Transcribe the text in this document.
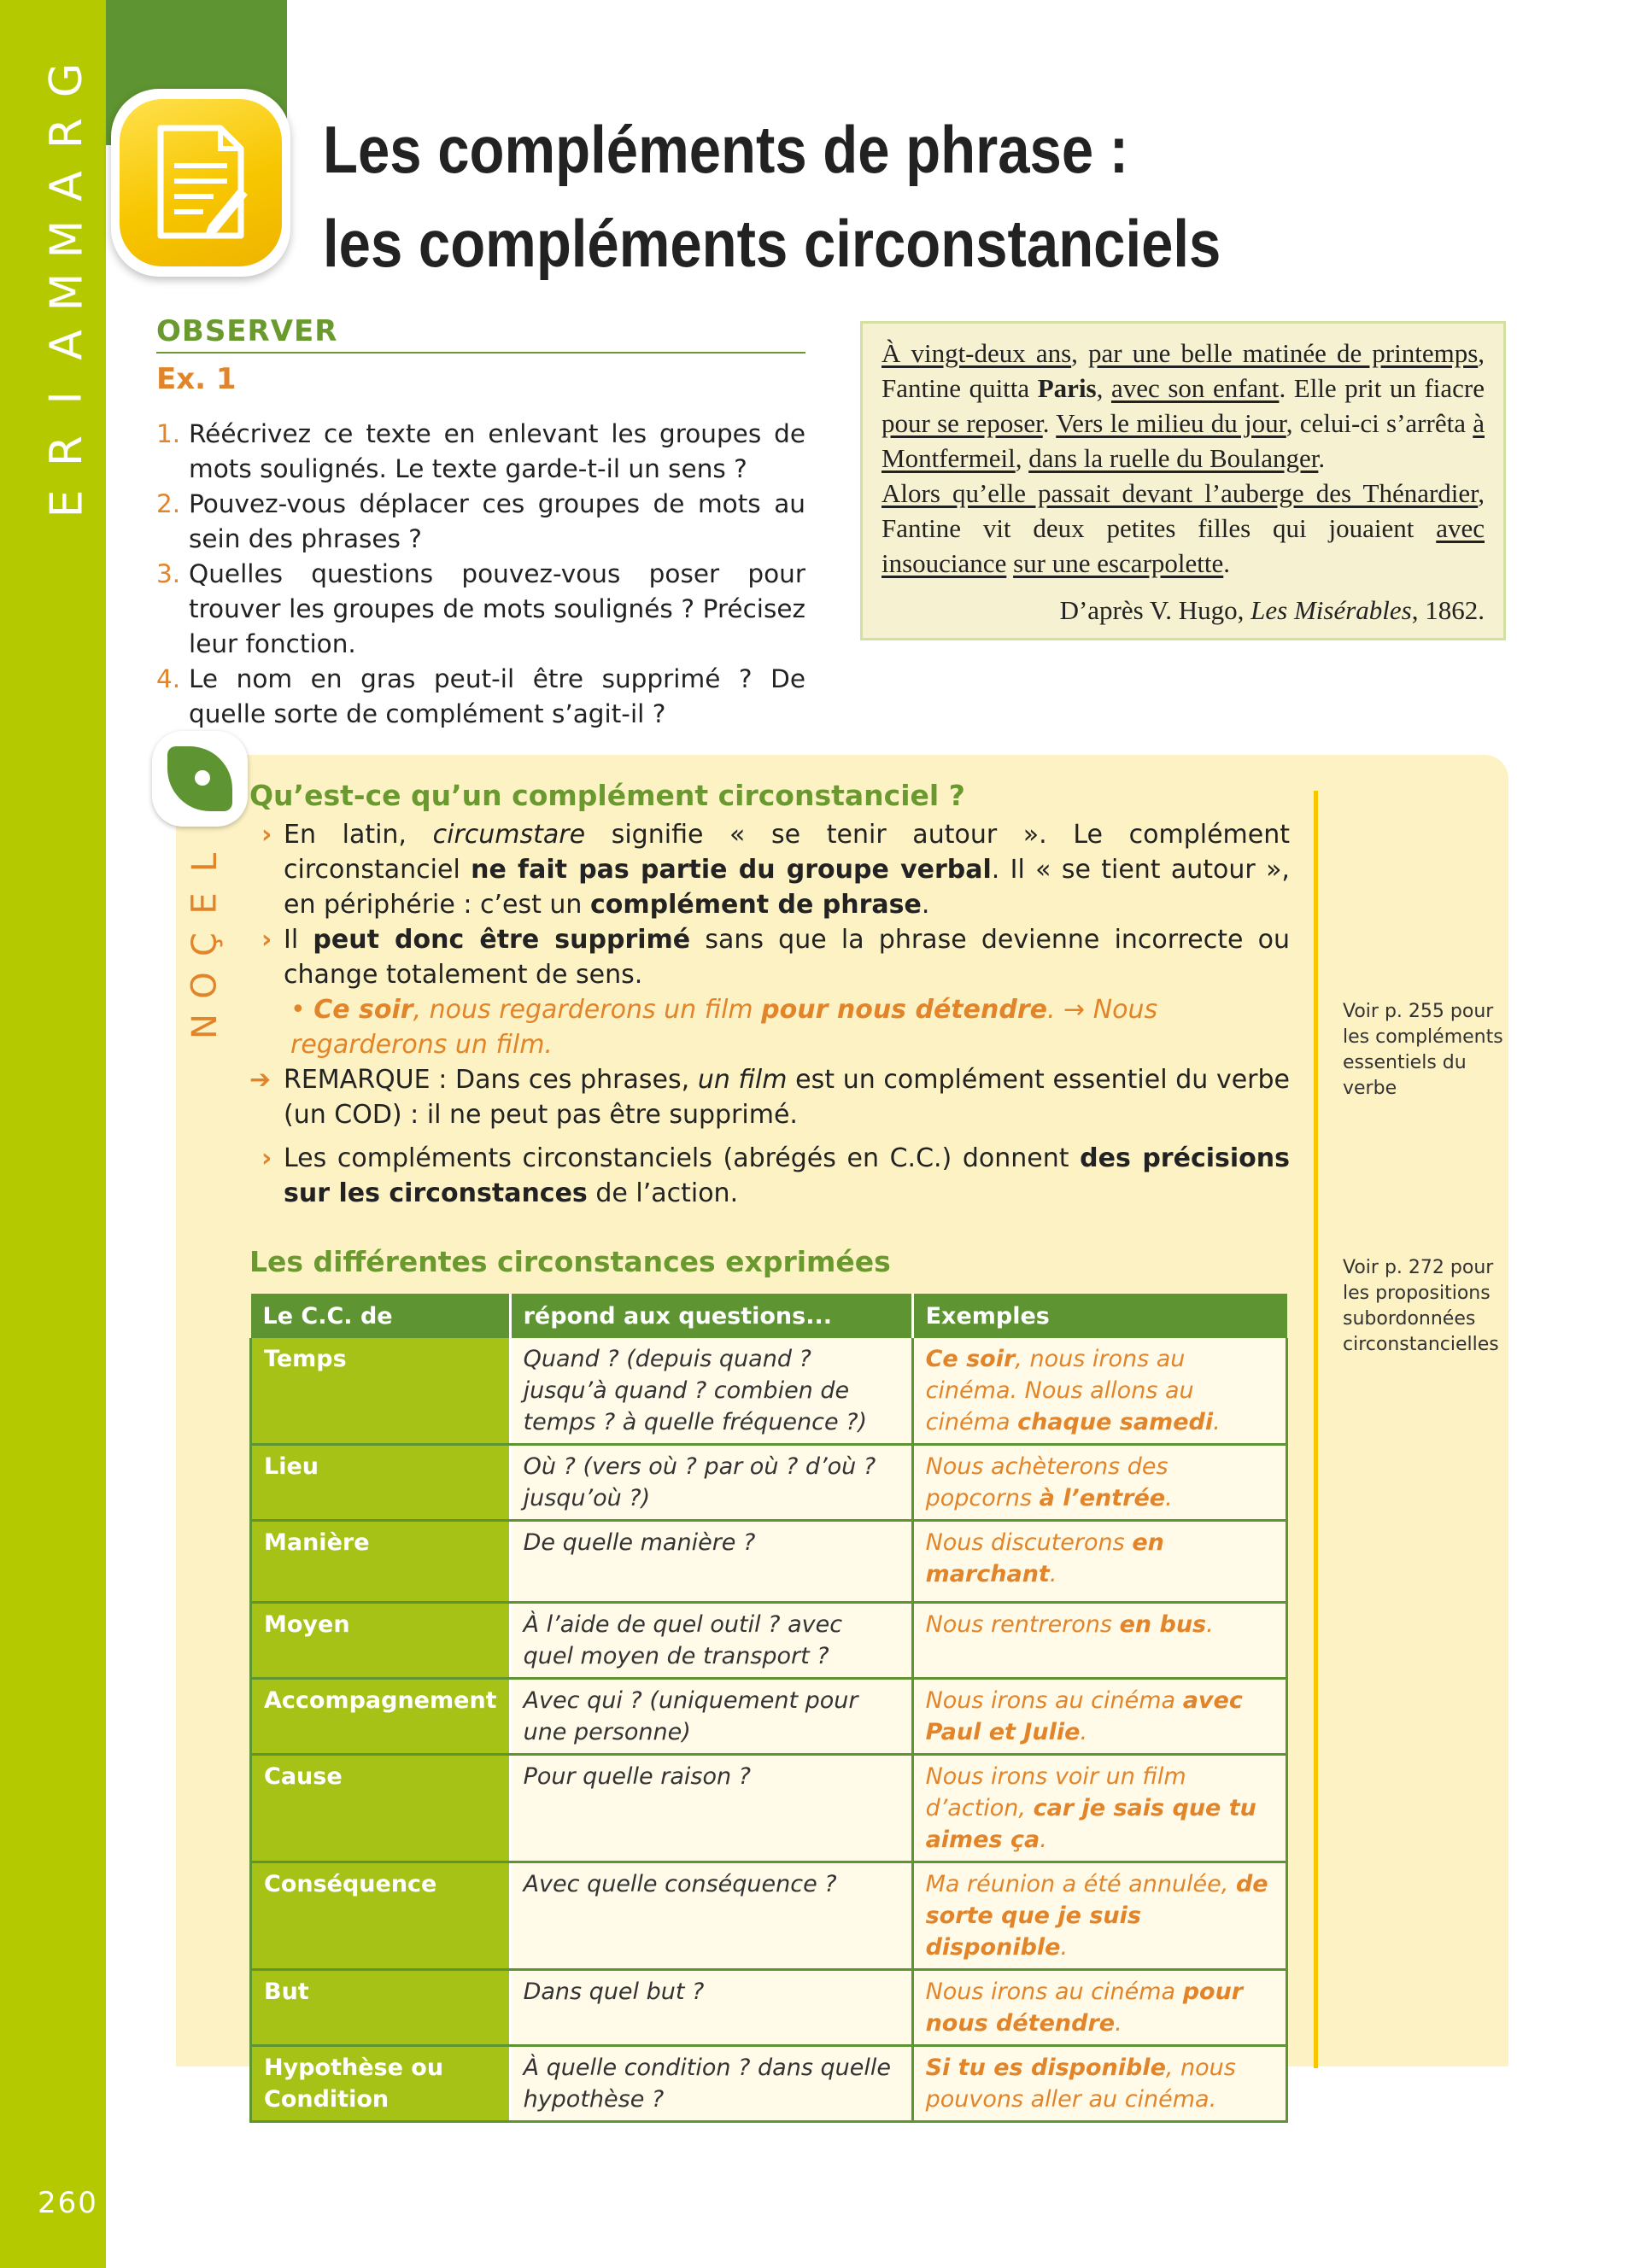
G
R
A
M
M
A
I
R
E
260
Les compléments de phrase :
les compléments circonstanciels
OBSERVER
Ex. 1
1. Réécrivez ce texte en enlevant les groupes de mots soulignés. Le texte garde-t-il un sens ?
2. Pouvez-vous déplacer ces groupes de mots au sein des phrases ?
3. Quelles questions pouvez-vous poser pour trouver les groupes de mots soulignés ? Précisez leur fonction.
4. Le nom en gras peut-il être supprimé ? De quelle sorte de complément s’agit-il ?
À vingt-deux ans, par une belle matinée de printemps, Fantine quitta Paris, avec son enfant. Elle prit un fiacre pour se reposer. Vers le milieu du jour, celui-ci s’arrêta à Montfermeil, dans la ruelle du Boulanger.
Alors qu’elle passait devant l’auberge des Thénardier, Fantine vit deux petites filles qui jouaient avec insouciance sur une escarpolette.
D’après V. Hugo, Les Misérables, 1862.
L
E
Ç
O
N
Qu’est-ce qu’un complément circonstanciel ?
› En latin, circumstare signifie « se tenir autour ». Le complément circonstanciel ne fait pas partie du groupe verbal. Il « se tient autour », en périphérie : c’est un complément de phrase.
› Il peut donc être supprimé sans que la phrase devienne incorrecte ou change totalement de sens.
• Ce soir, nous regarderons un film pour nous détendre. → Nous regarderons un film.
➔ REMARQUE : Dans ces phrases, un film est un complément essentiel du verbe (un COD) : il ne peut pas être supprimé.
› Les compléments circonstanciels (abrégés en C.C.) donnent des précisions sur les circonstances de l’action.
Les différentes circonstances exprimées
Le C.C. de	répond aux questions...	Exemples
Temps	Quand ? (depuis quand ? jusqu’à quand ? combien de temps ? à quelle fréquence ?)	Ce soir, nous irons au cinéma. Nous allons au cinéma chaque samedi.
Lieu	Où ? (vers où ? par où ? d’où ? jusqu’où ?)	Nous achèterons des popcorns à l’entrée.
Manière	De quelle manière ?	Nous discuterons en marchant.
Moyen	À l’aide de quel outil ? avec quel moyen de transport ?	Nous rentrerons en bus.
Accompagnement	Avec qui ? (uniquement pour une personne)	Nous irons au cinéma avec Paul et Julie.
Cause	Pour quelle raison ?	Nous irons voir un film d’action, car je sais que tu aimes ça.
Conséquence	Avec quelle conséquence ?	Ma réunion a été annulée, de sorte que je suis disponible.
But	Dans quel but ?	Nous irons au cinéma pour nous détendre.
Hypothèse ou Condition	À quelle condition ? dans quelle hypothèse ?	Si tu es disponible, nous pouvons aller au cinéma.
Voir p. 255 pour les compléments essentiels du verbe
Voir p. 272 pour les propositions subordonnées circonstancielles
